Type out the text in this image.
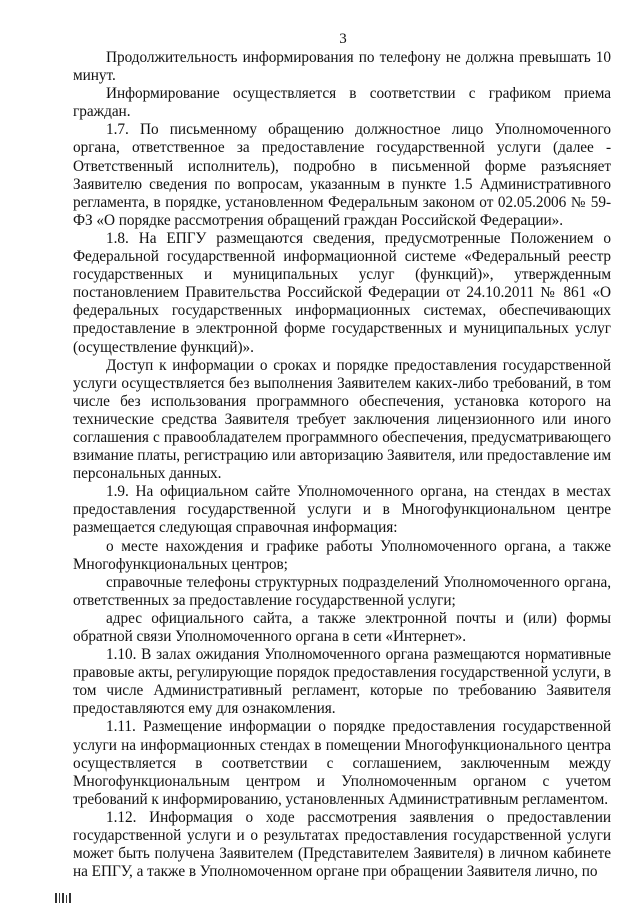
3

Продолжительность информирования по телефону не должна превышать 10 минут.

Информирование осуществляется в соответствии с графиком приема граждан.

1.7. По письменному обращению должностное лицо Уполномоченного органа, ответственное за предоставление государственной услуги (далее - Ответственный исполнитель), подробно в письменной форме разъясняет Заявителю сведения по вопросам, указанным в пункте 1.5 Административного регламента, в порядке, установленном Федеральным законом от 02.05.2006 № 59-ФЗ «О порядке рассмотрения обращений граждан Российской Федерации».

1.8. На ЕПГУ размещаются сведения, предусмотренные Положением о Федеральной государственной информационной системе «Федеральный реестр государственных и муниципальных услуг (функций)», утвержденным постановлением Правительства Российской Федерации от 24.10.2011 № 861 «О федеральных государственных информационных системах, обеспечивающих предоставление в электронной форме государственных и муниципальных услуг (осуществление функций)».

Доступ к информации о сроках и порядке предоставления государственной услуги осуществляется без выполнения Заявителем каких-либо требований, в том числе без использования программного обеспечения, установка которого на технические средства Заявителя требует заключения лицензионного или иного соглашения с правообладателем программного обеспечения, предусматривающего взимание платы, регистрацию или авторизацию Заявителя, или предоставление им персональных данных.

1.9. На официальном сайте Уполномоченного органа, на стендах в местах предоставления государственной услуги и в Многофункциональном центре размещается следующая справочная информация:

о месте нахождения и графике работы Уполномоченного органа, а также Многофункциональных центров;

справочные телефоны структурных подразделений Уполномоченного органа, ответственных за предоставление государственной услуги;

адрес официального сайта, а также электронной почты и (или) формы обратной связи Уполномоченного органа в сети «Интернет».

1.10. В залах ожидания Уполномоченного органа размещаются нормативные правовые акты, регулирующие порядок предоставления государственной услуги, в том числе Административный регламент, которые по требованию Заявителя предоставляются ему для ознакомления.

1.11. Размещение информации о порядке предоставления государственной услуги на информационных стендах в помещении Многофункционального центра осуществляется в соответствии с соглашением, заключенным между Многофункциональным центром и Уполномоченным органом с учетом требований к информированию, установленных Административным регламентом.

1.12. Информация о ходе рассмотрения заявления о предоставлении государственной услуги и о результатах предоставления государственной услуги может быть получена Заявителем (Представителем Заявителя) в личном кабинете на ЕПГУ, а также в Уполномоченном органе при обращении Заявителя лично, по
